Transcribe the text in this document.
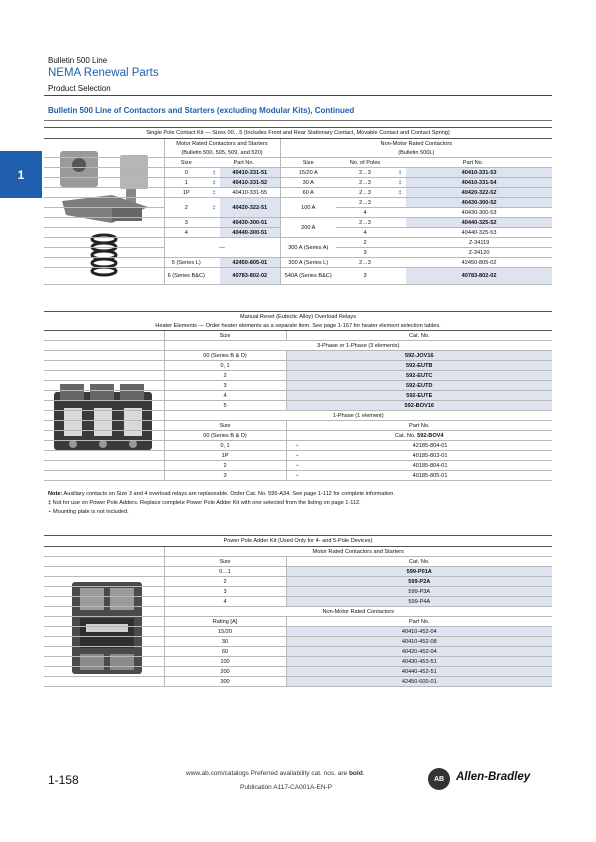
Bulletin 500 Line
NEMA Renewal Parts
Product Selection
Bulletin 500 Line of Contactors and Starters (excluding Modular Kits), Continued
1
Single Pole Contact Kit — Sizes 00…5 (Includes Front and Rear Stationary Contact, Movable Contact and Contact Spring)							
	Motor Rated Contactors and Starters			Non-Motor Rated Contactors			
	(Bulletin 500, 505, 509, and 520)			(Bulletin 500L)			
	Size	Part No.		Size	No. of Poles	Part No.	
	0	‡	40410-331-51	15/20 A	2…3	‡	40410-331-53
	1	‡	40410-331-52	30 A	2…3	‡	40410-331-54
	1P	‡	40410-331-55	60 A	2…3	‡	40420-322-52
	2	‡	40420-322-51	100 A	2…3		40430-300-52
					4		40430-300-53
	3		40430-300-51	200 A	2…3		40440-325-52
	4		40440-300-51		4		40440-325-53
	—			300 A (Series A)	2		Z-34119
					3		Z-34120
	5 (Series L)		42450-805-01	300 A (Series L)	2…3		42450-805-02
	6 (Series B&C)		40783-802-02	540A (Series B&C)	3		40783-802-02
Manual Reset (Eutectic Alloy) Overload Relays			
Heater Elements — Order heater elements as a separate item. See page 1-167 for heater element selection tables.			
	Size	Cat. No.	
	3-Phase or 1-Phase (3 elements)		
	00 (Series B & D)	592-JOV16	
	0, 1	592-EUTB	
	2	592-EUTC	
	3	592-EUTD	
	4	592-EUTE	
	5	592-BOV16	
	1-Phase (1 element)		
	Size	Part No.	
	00 (Series B & D)	Cat. No. 592-BOV4	
	0, 1	⋆	42185-804-01
	1P	⋆	40185-803-01
	2	⋆	40185-804-01
	3	⋆	40185-805-01
Note: Auxiliary contacts on Size 3 and 4 overload relays are replaceable. Order Cat. No. 595-A34. See page 1-112 for complete information.
‡ Not for use on Power Pole Adders. Replace complete Power Pole Adder Kit with one selected from the listing on page 1-112.
⋆ Mounting plate is not included.
Power Pole Adder Kit (Used Only for 4- and 5-Pole Devices)		
	Motor Rated Contactors and Starters	
	Size	Cat. No.
	0…1	599-P01A
	2	599-P2A
	3	599-P3A
	4	599-P4A
	Non-Motor Rated Contactors	
	Rating [A]	Part No.
	15/20	40410-452-04
	30	40410-452-08
	60	40420-452-04
	100	40430-453-51
	200	40440-452-51
	300	42450-600-01
1-158	www.ab.com/catalogs Preferred availability cat. nos. are bold.
Publication A117-CA001A-EN-P
AB	Allen-Bradley
